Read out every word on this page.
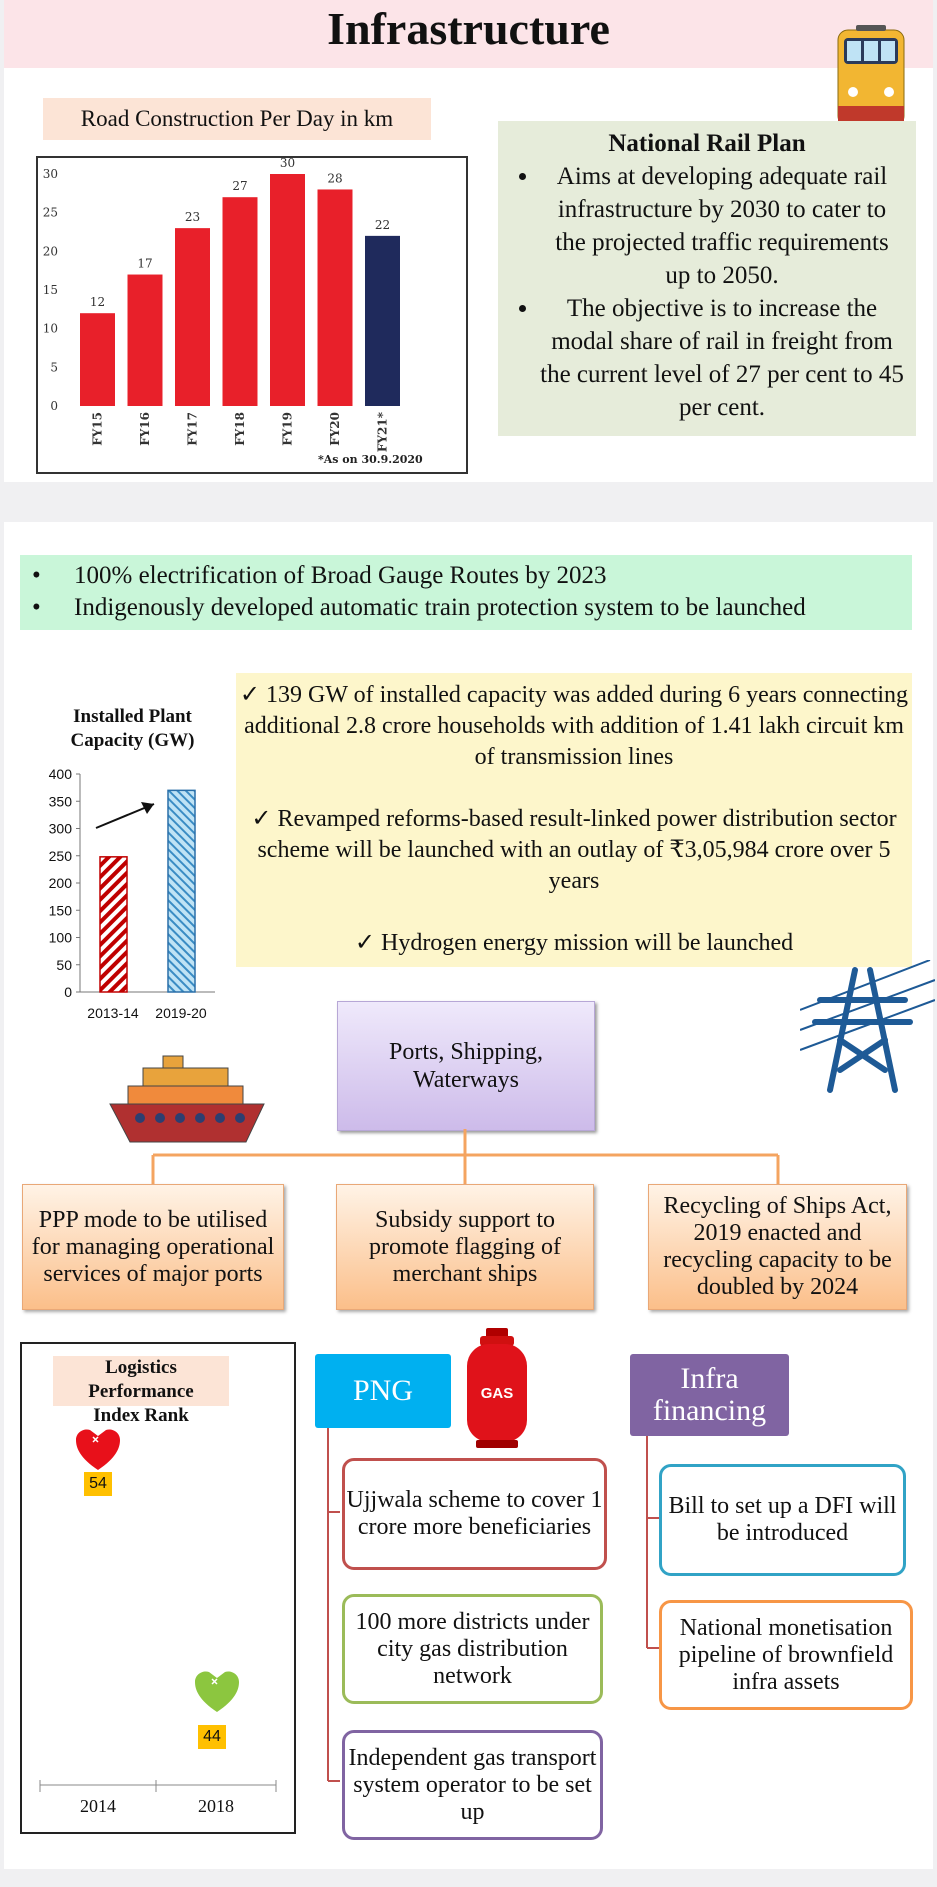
Infrastructure
Road Construction Per Day in km
0
5
10
15
20
25
30
12
FY15
17
FY16
23
FY17
27
FY18
30
FY19
28
FY20
22
FY21*
*As on 30.9.2020
National Rail Plan
• Aims at developing adequate rail infrastructure by 2030 to cater to the projected traffic requirements up to 2050.
• The objective is to increase the modal share of rail in freight from the current level of 27 per cent to 45 per cent.
• 100% electrification of Broad Gauge Routes by 2023
• Indigenously developed automatic train protection system to be launched
Installed Plant
Capacity (GW)
0
50
100
150
200
250
300
350
400
2013-14 2019-20

✓ 139 GW of installed capacity was added during 6 years connecting additional 2.8 crore households with addition of 1.41 lakh circuit km of transmission lines

✓ Revamped reforms-based result-linked power distribution sector scheme will be launched with an outlay of ₹3,05,984 crore over 5 years

✓ Hydrogen energy mission will be launched

Ports, Shipping, Waterways
PPP mode to be utilised for managing operational services of major ports
Subsidy support to promote flagging of merchant ships
Recycling of Ships Act, 2019 enacted and recycling capacity to be doubled by 2024
Logistics Performance
Index Rank
54
44
2014	2018
PNG	GAS
Ujjwala scheme to cover 1 crore more beneficiaries
100 more districts under city gas distribution network
Independent gas transport system operator to be set up
Infra financing
Bill to set up a DFI will be introduced
National monetisation pipeline of brownfield infra assets
